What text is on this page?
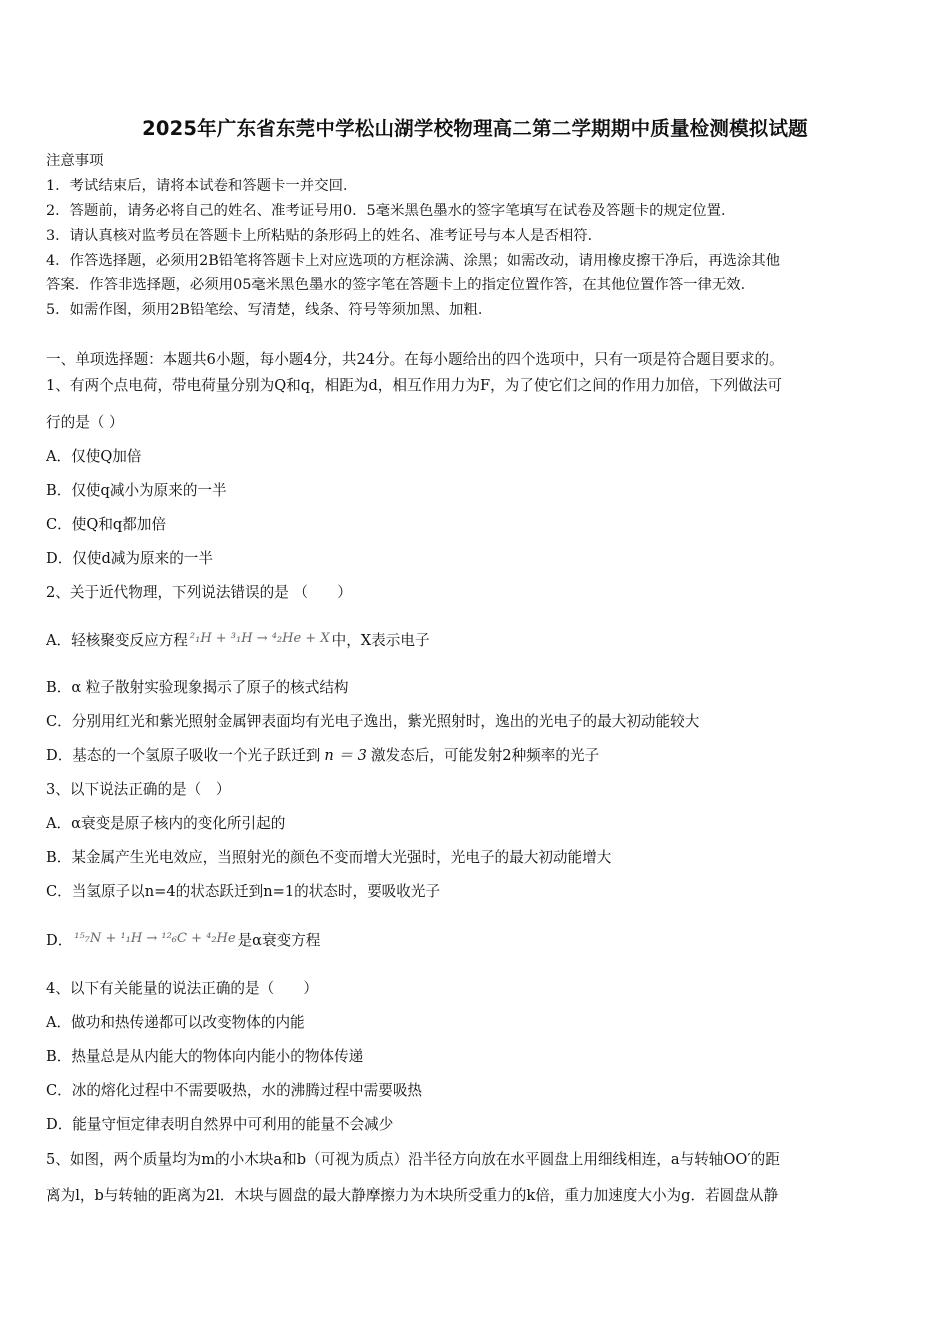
2025年广东省东莞中学松山湖学校物理高二第二学期期中质量检测模拟试题
注意事项
1．考试结束后，请将本试卷和答题卡一并交回．
2．答题前，请务必将自己的姓名、准考证号用0．5毫米黑色墨水的签字笔填写在试卷及答题卡的规定位置．
3．请认真核对监考员在答题卡上所粘贴的条形码上的姓名、准考证号与本人是否相符．
4．作答选择题，必须用2B铅笔将答题卡上对应选项的方框涂满、涂黑；如需改动，请用橡皮擦干净后，再选涂其他
答案．作答非选择题，必须用05毫米黑色墨水的签字笔在答题卡上的指定位置作答，在其他位置作答一律无效．
5．如需作图，须用2B铅笔绘、写清楚，线条、符号等须加黑、加粗．
一、单项选择题：本题共6小题，每小题4分，共24分。在每小题给出的四个选项中，只有一项是符合题目要求的。
1、有两个点电荷，带电荷量分别为Q和q，相距为d，相互作用力为F，为了使它们之间的作用力加倍，下列做法可
行的是（ ）
A．仅使Q加倍
B．仅使q减小为原来的一半
C．使Q和q都加倍
D．仅使d减为原来的一半
2、关于近代物理，下列说法错误的是 （　　）
A．轻核聚变反应方程 ²₁H + ³₁H → ⁴₂He + X 中，X表示电子
B．α 粒子散射实验现象揭示了原子的核式结构
C．分别用红光和紫光照射金属钾表面均有光电子逸出，紫光照射时，逸出的光电子的最大初动能较大
D．基态的一个氢原子吸收一个光子跃迁到 n ＝ 3 激发态后，可能发射2种频率的光子
3、以下说法正确的是（　）
A．α衰变是原子核内的变化所引起的
B．某金属产生光电效应，当照射光的颜色不变而增大光强时，光电子的最大初动能增大
C．当氢原子以n=4的状态跃迁到n=1的状态时，要吸收光子
D． ¹⁵₇N + ¹₁H → ¹²₆C + ⁴₂He 是α衰变方程
4、以下有关能量的说法正确的是（　　）
A．做功和热传递都可以改变物体的内能
B．热量总是从内能大的物体向内能小的物体传递
C．冰的熔化过程中不需要吸热，水的沸腾过程中需要吸热
D．能量守恒定律表明自然界中可利用的能量不会减少
5、如图，两个质量均为m的小木块a和b（可视为质点）沿半径方向放在水平圆盘上用细线相连，a与转轴OO′的距
离为l，b与转轴的距离为2l．木块与圆盘的最大静摩擦力为木块所受重力的k倍，重力加速度大小为g．若圆盘从静
